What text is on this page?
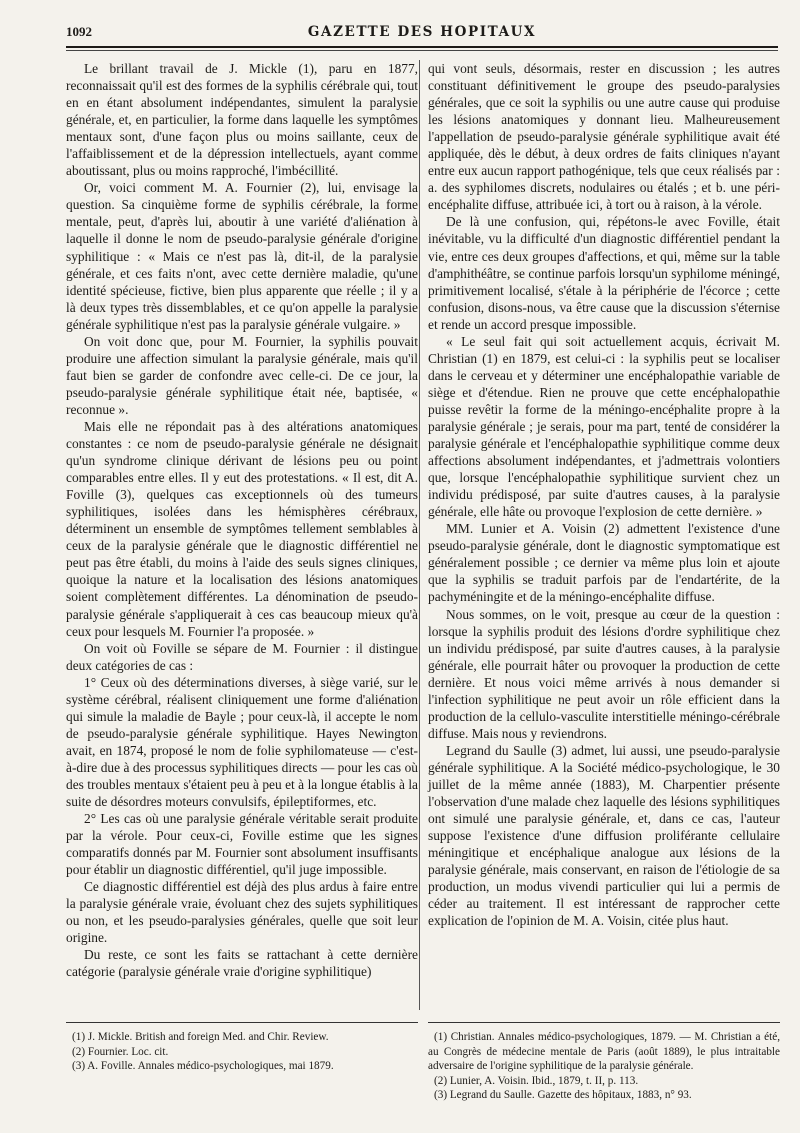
1092	GAZETTE DES HOPITAUX

Le brillant travail de J. Mickle (1), paru en 1877, reconnaissait qu'il est des formes de la syphilis cérébrale qui, tout en en étant absolument indépendantes, simulent la paralysie générale, et, en particulier, la forme dans laquelle les symptômes mentaux sont, d'une façon plus ou moins saillante, ceux de l'affaiblissement et de la dépression intellectuels, ayant comme aboutissant, plus ou moins rapproché, l'imbécillité.

Or, voici comment M. A. Fournier (2), lui, envisage la question. Sa cinquième forme de syphilis cérébrale, la forme mentale, peut, d'après lui, aboutir à une variété d'aliénation à laquelle il donne le nom de pseudo-paralysie générale d'origine syphilitique : « Mais ce n'est pas là, dit-il, de la paralysie générale, et ces faits n'ont, avec cette dernière maladie, qu'une identité spécieuse, fictive, bien plus apparente que réelle ; il y a là deux types très dissemblables, et ce qu'on appelle la paralysie générale syphilitique n'est pas la paralysie générale vulgaire. »

On voit donc que, pour M. Fournier, la syphilis pouvait produire une affection simulant la paralysie générale, mais qu'il faut bien se garder de confondre avec celle-ci. De ce jour, la pseudo-paralysie générale syphilitique était née, baptisée, « reconnue ».

Mais elle ne répondait pas à des altérations anatomiques constantes : ce nom de pseudo-paralysie générale ne désignait qu'un syndrome clinique dérivant de lésions peu ou point comparables entre elles. Il y eut des protestations. « Il est, dit A. Foville (3), quelques cas exceptionnels où des tumeurs syphilitiques, isolées dans les hémisphères cérébraux, déterminent un ensemble de symptômes tellement semblables à ceux de la paralysie générale que le diagnostic différentiel ne peut pas être établi, du moins à l'aide des seuls signes cliniques, quoique la nature et la localisation des lésions anatomiques soient complètement différentes. La dénomination de pseudo-paralysie générale s'appliquerait à ces cas beaucoup mieux qu'à ceux pour lesquels M. Fournier l'a proposée. »

On voit où Foville se sépare de M. Fournier : il distingue deux catégories de cas :

1° Ceux où des déterminations diverses, à siège varié, sur le système cérébral, réalisent cliniquement une forme d'aliénation qui simule la maladie de Bayle ; pour ceux-là, il accepte le nom de pseudo-paralysie générale syphilitique. Hayes Newington avait, en 1874, proposé le nom de folie syphilomateuse — c'est-à-dire due à des processus syphilitiques directs — pour les cas où des troubles mentaux s'étaient peu à peu et à la longue établis à la suite de désordres moteurs convulsifs, épileptiformes, etc.

2° Les cas où une paralysie générale véritable serait produite par la vérole. Pour ceux-ci, Foville estime que les signes comparatifs donnés par M. Fournier sont absolument insuffisants pour établir un diagnostic différentiel, qu'il juge impossible.

Ce diagnostic différentiel est déjà des plus ardus à faire entre la paralysie générale vraie, évoluant chez des sujets syphilitiques ou non, et les pseudo-paralysies générales, quelle que soit leur origine.

Du reste, ce sont les faits se rattachant à cette dernière catégorie (paralysie générale vraie d'origine syphilitique)

qui vont seuls, désormais, rester en discussion ; les autres constituant définitivement le groupe des pseudo-paralysies générales, que ce soit la syphilis ou une autre cause qui produise les lésions anatomiques y donnant lieu. Malheureusement l'appellation de pseudo-paralysie générale syphilitique avait été appliquée, dès le début, à deux ordres de faits cliniques n'ayant entre eux aucun rapport pathogénique, tels que ceux réalisés par : a. des syphilomes discrets, nodulaires ou étalés ; et b. une péri-encéphalite diffuse, attribuée ici, à tort ou à raison, à la vérole.

De là une confusion, qui, répétons-le avec Foville, était inévitable, vu la difficulté d'un diagnostic différentiel pendant la vie, entre ces deux groupes d'affections, et qui, même sur la table d'amphithéâtre, se continue parfois lorsqu'un syphilome méningé, primitivement localisé, s'étale à la périphérie de l'écorce ; cette confusion, disons-nous, va être cause que la discussion s'éternise et rende un accord presque impossible.

« Le seul fait qui soit actuellement acquis, écrivait M. Christian (1) en 1879, est celui-ci : la syphilis peut se localiser dans le cerveau et y déterminer une encéphalopathie variable de siège et d'étendue. Rien ne prouve que cette encéphalopathie puisse revêtir la forme de la méningo-encéphalite propre à la paralysie générale ; je serais, pour ma part, tenté de considérer la paralysie générale et l'encéphalopathie syphilitique comme deux affections absolument indépendantes, et j'admettrais volontiers que, lorsque l'encéphalopathie syphilitique survient chez un individu prédisposé, par suite d'autres causes, à la paralysie générale, elle hâte ou provoque l'explosion de cette dernière. »

MM. Lunier et A. Voisin (2) admettent l'existence d'une pseudo-paralysie générale, dont le diagnostic symptomatique est généralement possible ; ce dernier va même plus loin et ajoute que la syphilis se traduit parfois par de l'endartérite, de la pachyméningite et de la méningo-encéphalite diffuse.

Nous sommes, on le voit, presque au cœur de la question : lorsque la syphilis produit des lésions d'ordre syphilitique chez un individu prédisposé, par suite d'autres causes, à la paralysie générale, elle pourrait hâter ou provoquer la production de cette dernière. Et nous voici même arrivés à nous demander si l'infection syphilitique ne peut avoir un rôle efficient dans la production de la cellulo-vasculite interstitielle méningo-cérébrale diffuse. Mais nous y reviendrons.

Legrand du Saulle (3) admet, lui aussi, une pseudo-paralysie générale syphilitique. A la Société médico-psychologique, le 30 juillet de la même année (1883), M. Charpentier présente l'observation d'une malade chez laquelle des lésions syphilitiques ont simulé une paralysie générale, et, dans ce cas, l'auteur suppose l'existence d'une diffusion proliférante cellulaire méningitique et encéphalique analogue aux lésions de la paralysie générale, mais conservant, en raison de l'étiologie de sa production, un modus vivendi particulier qui lui a permis de céder au traitement. Il est intéressant de rapprocher cette explication de l'opinion de M. A. Voisin, citée plus haut.

(1) J. Mickle. British and foreign Med. and Chir. Review.

(2) Fournier. Loc. cit.

(3) A. Foville. Annales médico-psychologiques, mai 1879.

(1) Christian. Annales médico-psychologiques, 1879. — M. Christian a été, au Congrès de médecine mentale de Paris (août 1889), le plus intraitable adversaire de l'origine syphilitique de la paralysie générale.

(2) Lunier, A. Voisin. Ibid., 1879, t. II, p. 113.

(3) Legrand du Saulle. Gazette des hôpitaux, 1883, n° 93.
